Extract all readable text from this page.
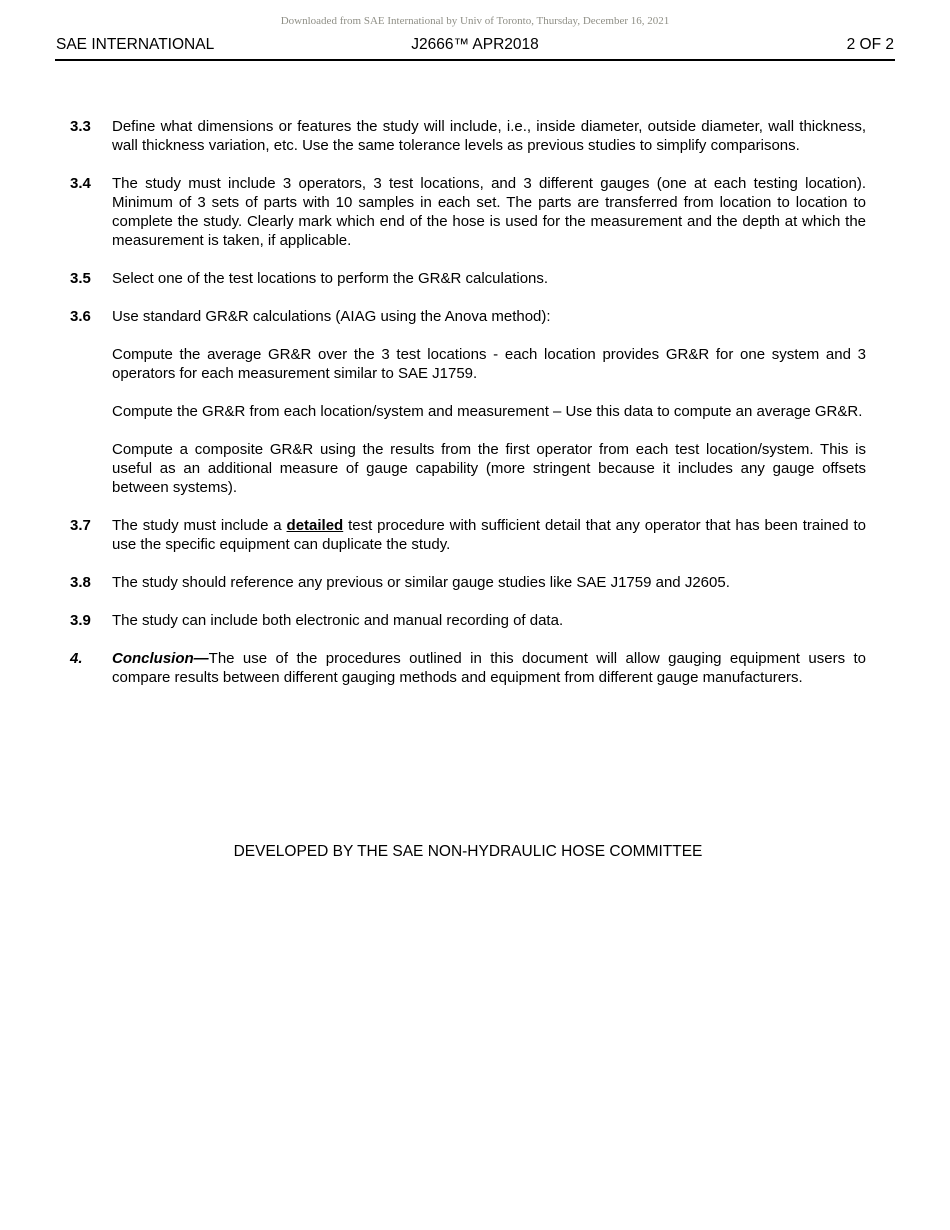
Downloaded from SAE International by Univ of Toronto, Thursday, December 16, 2021
SAE INTERNATIONAL	J2666™ APR2018	2 OF 2
3.3	Define what dimensions or features the study will include, i.e., inside diameter, outside diameter, wall thickness, wall thickness variation, etc. Use the same tolerance levels as previous studies to simplify comparisons.
3.4	The study must include 3 operators, 3 test locations, and 3 different gauges (one at each testing location). Minimum of 3 sets of parts with 10 samples in each set. The parts are transferred from location to location to complete the study. Clearly mark which end of the hose is used for the measurement and the depth at which the measurement is taken, if applicable.
3.5	Select one of the test locations to perform the GR&R calculations.
3.6	Use standard GR&R calculations (AIAG using the Anova method):
Compute the average GR&R over the 3 test locations - each location provides GR&R for one system and 3 operators for each measurement similar to SAE J1759.
Compute the GR&R from each location/system and measurement – Use this data to compute an average GR&R.
Compute a composite GR&R using the results from the first operator from each test location/system. This is useful as an additional measure of gauge capability (more stringent because it includes any gauge offsets between systems).
3.7	The study must include a detailed test procedure with sufficient detail that any operator that has been trained to use the specific equipment can duplicate the study.
3.8	The study should reference any previous or similar gauge studies like SAE J1759 and J2605.
3.9	The study can include both electronic and manual recording of data.
4.	Conclusion—The use of the procedures outlined in this document will allow gauging equipment users to compare results between different gauging methods and equipment from different gauge manufacturers.
DEVELOPED BY THE SAE NON-HYDRAULIC HOSE COMMITTEE
